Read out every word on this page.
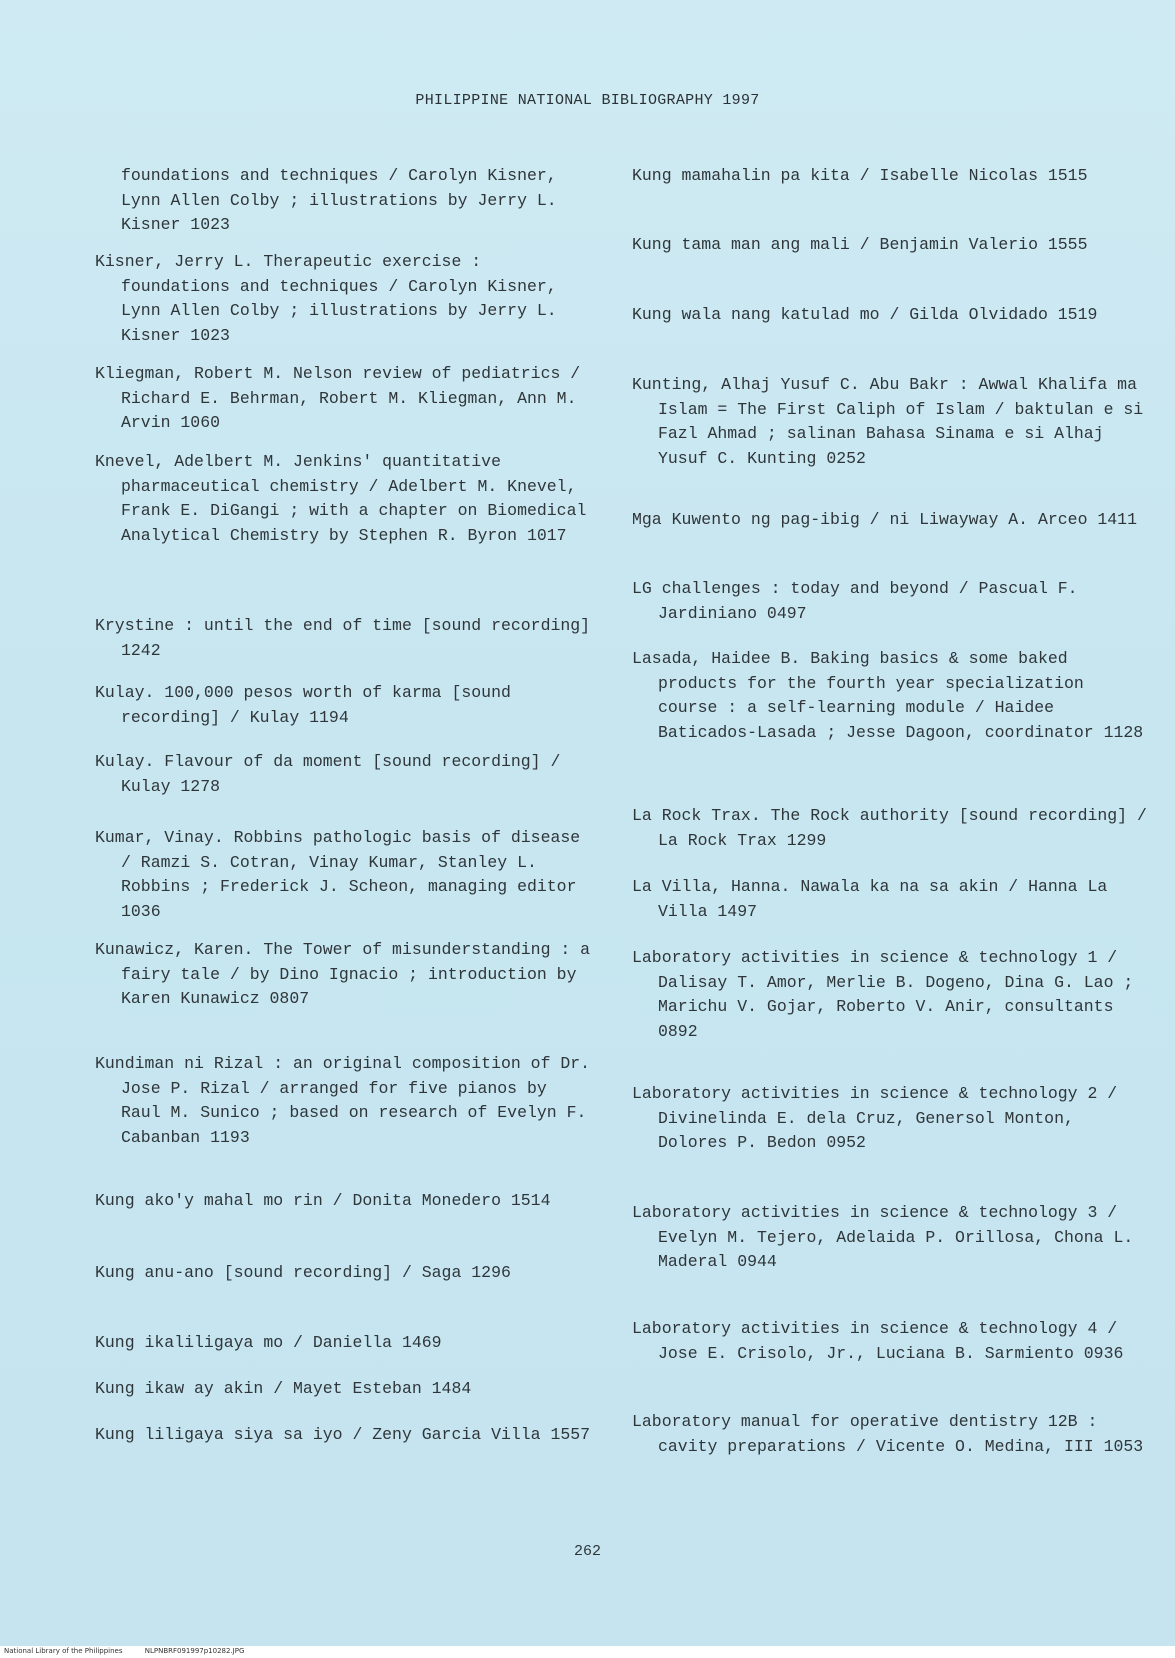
PHILIPPINE NATIONAL BIBLIOGRAPHY 1997
foundations and techniques / Carolyn Kisner, Lynn Allen Colby ; illustrations by Jerry L. Kisner 1023
Kisner, Jerry L. Therapeutic exercise : foundations and techniques / Carolyn Kisner, Lynn Allen Colby ; illustrations by Jerry L. Kisner 1023
Kliegman, Robert M. Nelson review of pediatrics / Richard E. Behrman, Robert M. Kliegman, Ann M. Arvin 1060
Knevel, Adelbert M. Jenkins' quantitative pharmaceutical chemistry / Adelbert M. Knevel, Frank E. DiGangi ; with a chapter on Biomedical Analytical Chemistry by Stephen R. Byron 1017
Krystine : until the end of time [sound recording] 1242
Kulay. 100,000 pesos worth of karma [sound recording] / Kulay 1194
Kulay. Flavour of da moment [sound recording] / Kulay 1278
Kumar, Vinay. Robbins pathologic basis of disease / Ramzi S. Cotran, Vinay Kumar, Stanley L. Robbins ; Frederick J. Scheon, managing editor 1036
Kunawicz, Karen. The Tower of misunderstanding : a fairy tale / by Dino Ignacio ; introduction by Karen Kunawicz 0807
Kundiman ni Rizal : an original composition of Dr. Jose P. Rizal / arranged for five pianos by Raul M. Sunico ; based on research of Evelyn F. Cabanban 1193
Kung ako'y mahal mo rin / Donita Monedero 1514
Kung anu-ano [sound recording] / Saga 1296
Kung ikaliligaya mo / Daniella 1469
Kung ikaw ay akin / Mayet Esteban 1484
Kung liligaya siya sa iyo / Zeny Garcia Villa 1557
Kung mamahalin pa kita / Isabelle Nicolas 1515
Kung tama man ang mali / Benjamin Valerio 1555
Kung wala nang katulad mo / Gilda Olvidado 1519
Kunting, Alhaj Yusuf C. Abu Bakr : Awwal Khalifa ma Islam = The First Caliph of Islam / baktulan e si Fazl Ahmad ; salinan Bahasa Sinama e si Alhaj Yusuf C. Kunting 0252
Mga Kuwento ng pag-ibig / ni Liwayway A. Arceo 1411
LG challenges : today and beyond / Pascual F. Jardiniano 0497
Lasada, Haidee B. Baking basics & some baked products for the fourth year specialization course : a self-learning module / Haidee Baticados-Lasada ; Jesse Dagoon, coordinator 1128
La Rock Trax. The Rock authority [sound recording] / La Rock Trax 1299
La Villa, Hanna. Nawala ka na sa akin / Hanna La Villa 1497
Laboratory activities in science & technology 1 / Dalisay T. Amor, Merlie B. Dogeno, Dina G. Lao ; Marichu V. Gojar, Roberto V. Anir, consultants 0892
Laboratory activities in science & technology 2 / Divinelinda E. dela Cruz, Genersol Monton, Dolores P. Bedon 0952
Laboratory activities in science & technology 3 / Evelyn M. Tejero, Adelaida P. Orillosa, Chona L. Maderal 0944
Laboratory activities in science & technology 4 / Jose E. Crisolo, Jr., Luciana B. Sarmiento 0936
Laboratory manual for operative dentistry 12B : cavity preparations / Vicente O. Medina, III 1053
262
National Library of the Philippines	NLPNBRF091997p10282.JPG
